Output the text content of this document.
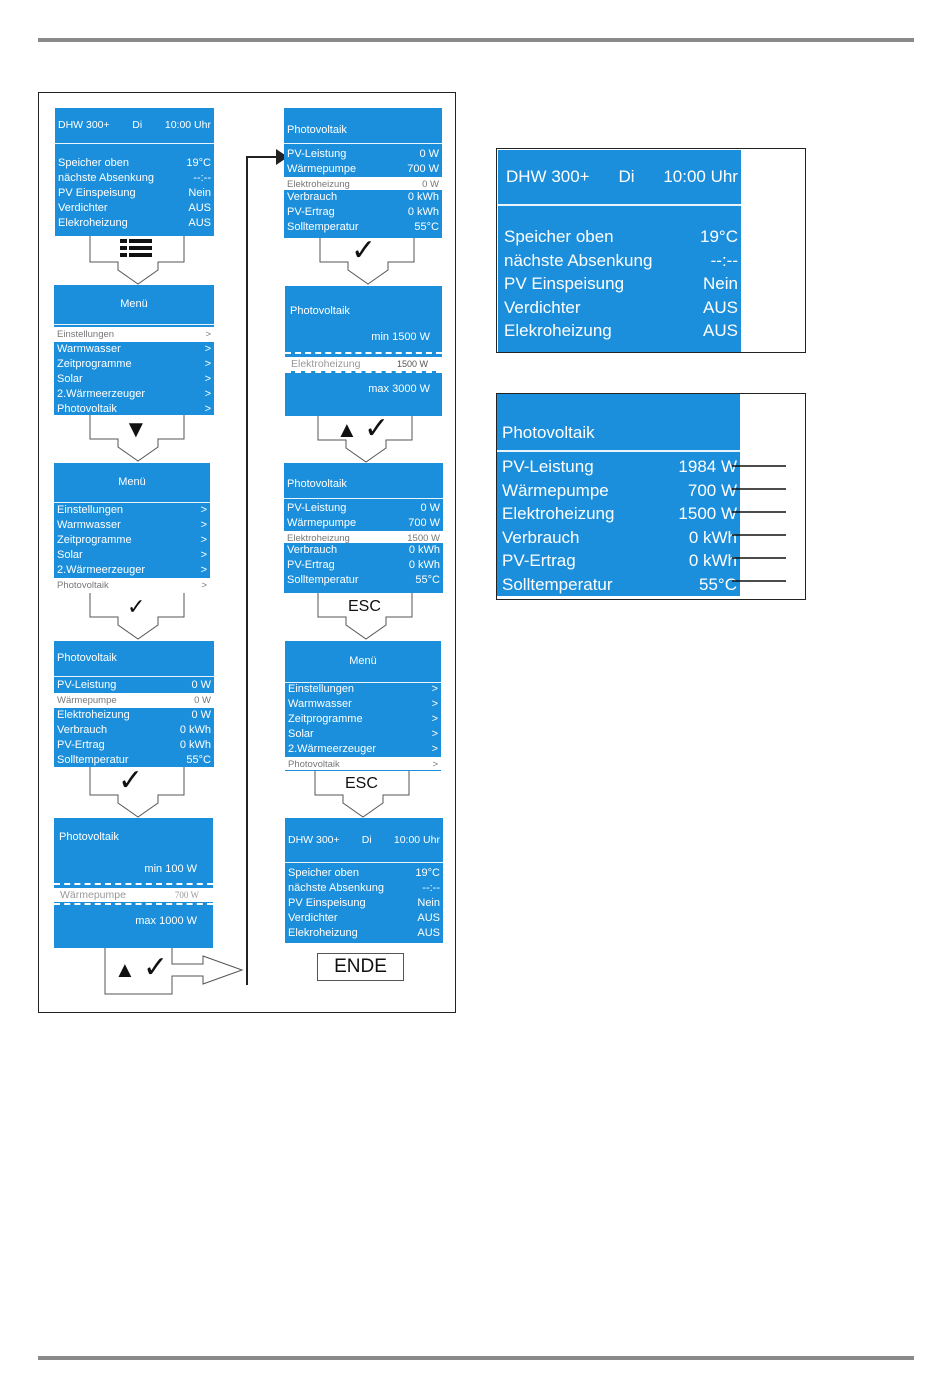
DHW 300+ Di 10:00 Uhr
Speicher oben	19°C
nächste Absenkung	--:--
PV Einspeisung	Nein
Verdichter	AUS
Elekroheizung	AUS
Menü
Einstellungen	>
Warmwasser	>
Zeitprogramme	>
Solar	>
2.Wärmeerzeuger	>
Photovoltaik	>
▼
Menü
Einstellungen	>
Warmwasser	>
Zeitprogramme	>
Solar	>
2.Wärmeerzeuger	>
Photovoltaik	>
✓
Photovoltaik
PV-Leistung	0 W
Wärmepumpe	0 W
Elektroheizung	0 W
Verbrauch	0 kWh
PV-Ertrag	0 kWh
Solltemperatur	55°C
✓
Photovoltaik
min 100 W
Wärmepumpe	700 W
max 1000 W
▲ ✓
Photovoltaik
PV-Leistung	0 W
Wärmepumpe	700 W
Elektroheizung	0 W
Verbrauch	0 kWh
PV-Ertrag	0 kWh
Solltemperatur	55°C
✓
Photovoltaik
min 1500 W
Elektroheizung	1500 W
max 3000 W
▲ ✓
Photovoltaik
PV-Leistung	0 W
Wärmepumpe	700 W
Elektroheizung	1500 W
Verbrauch	0 kWh
PV-Ertrag	0 kWh
Solltemperatur	55°C
ESC
Menü
Einstellungen	>
Warmwasser	>
Zeitprogramme	>
Solar	>
2.Wärmeerzeuger	>
Photovoltaik	>
ESC
DHW 300+ Di 10:00 Uhr
Speicher oben	19°C
nächste Absenkung	--:--
PV Einspeisung	Nein
Verdichter	AUS
Elekroheizung	AUS
ENDE
DHW 300+ Di 10:00 Uhr
Speicher oben	19°C
nächste Absenkung	--:--
PV Einspeisung	Nein
Verdichter	AUS
Elekroheizung	AUS
Photovoltaik
PV-Leistung	1984 W
Wärmepumpe	700 W
Elektroheizung	1500 W
Verbrauch	0 kWh
PV-Ertrag	0 kWh
Solltemperatur	55°C
